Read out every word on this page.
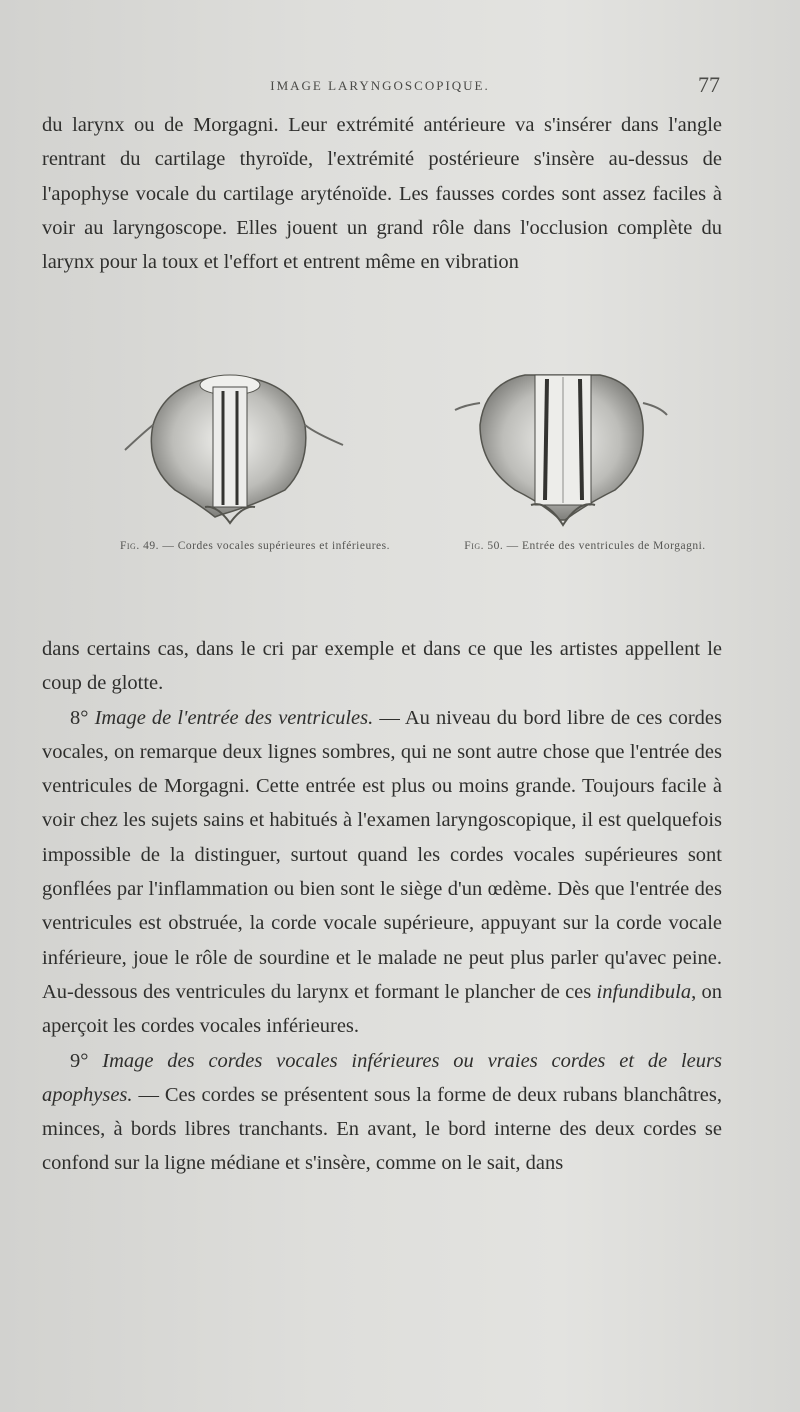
IMAGE LARYNGOSCOPIQUE.	77

du larynx ou de Morgagni. Leur extrémité antérieure va s'insérer dans l'angle rentrant du cartilage thyroïde, l'extrémité postérieure s'insère au-dessus de l'apophyse vocale du cartilage aryténoïde. Les fausses cordes sont assez faciles à voir au laryngoscope. Elles jouent un grand rôle dans l'occlusion complète du larynx pour la toux et l'effort et entrent même en vibration

Fig. 49. — Cordes vocales supérieures et inférieures.	Fig. 50. — Entrée des ventricules de Morgagni.

dans certains cas, dans le cri par exemple et dans ce que les artistes appellent le coup de glotte.

8° Image de l'entrée des ventricules. — Au niveau du bord libre de ces cordes vocales, on remarque deux lignes sombres, qui ne sont autre chose que l'entrée des ventricules de Morgagni. Cette entrée est plus ou moins grande. Toujours facile à voir chez les sujets sains et habitués à l'examen laryngoscopique, il est quelquefois impossible de la distinguer, surtout quand les cordes vocales supérieures sont gonflées par l'inflammation ou bien sont le siège d'un œdème. Dès que l'entrée des ventricules est obstruée, la corde vocale supérieure, appuyant sur la corde vocale inférieure, joue le rôle de sourdine et le malade ne peut plus parler qu'avec peine. Au-dessous des ventricules du larynx et formant le plancher de ces infundibula, on aperçoit les cordes vocales inférieures.

9° Image des cordes vocales inférieures ou vraies cordes et de leurs apophyses. — Ces cordes se présentent sous la forme de deux rubans blanchâtres, minces, à bords libres tranchants. En avant, le bord interne des deux cordes se confond sur la ligne médiane et s'insère, comme on le sait, dans
